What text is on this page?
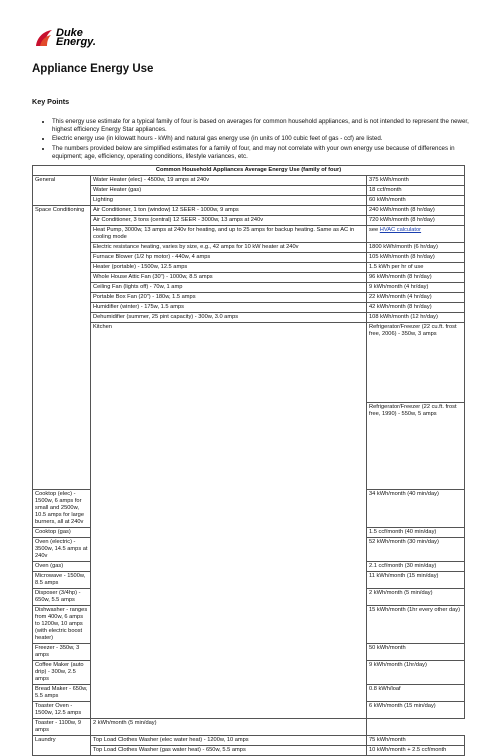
Duke
Energy.
Appliance Energy Use
Key Points
• This energy use estimate for a typical family of four is based on averages for common household appliances, and is not intended to represent the newer, highest efficiency Energy Star appliances.
• Electric energy use (in kilowatt hours - kWh) and natural gas energy use (in units of 100 cubic feet of gas - ccf) are listed.
• The numbers provided below are simplified estimates for a family of four, and may not correlate with your own energy use because of differences in equipment; age, efficiency, operating conditions, lifestyle variances, etc.
Common Household Appliances Average Energy Use (family of four)			
General	Water Heater (elec) - 4500w, 19 amps at 240v	375 kWh/month	
	Water Heater (gas)	18 ccf/month	
	Lighting	60 kWh/month	
Space Conditioning	Air Conditioner, 1 ton (window) 12 SEER - 1000w, 9 amps	240 kWh/month (8 hr/day)	
	Air Conditioner, 3 tons (central) 12 SEER - 3000w, 13 amps at 240v	720 kWh/month (8 hr/day)	
	Heat Pump, 3000w, 13 amps at 240v for heating, and up to 25 amps for backup heating. Same as AC in cooling mode	see HVAC calculator	
	Electric resistance heating, varies by size, e.g., 42 amps for 10 kW heater at 240v	1800 kWh/month (6 hr/day)	
	Furnace Blower (1/2 hp motor) - 440w, 4 amps	105 kWh/month (8 hr/day)	
	Heater (portable) - 1500w, 12.5 amps	1.5 kWh per hr of use	
	Whole House Attic Fan (30") - 1000w, 8.5 amps	96 kWh/month (8 hr/day)	
	Ceiling Fan (lights off) - 70w, 1 amp	9 kWh/month (4 hr/day)	
	Portable Box Fan (20") - 180w, 1.5 amps	22 kWh/month (4 hr/day)	
	Humidifier (winter) - 175w, 1.5 amps	42 kWh/month (8 hr/day)	
	Dehumidifier (summer, 25 pint capacity) - 300w, 3.0 amps	108 kWh/month (12 hr/day)	
	Kitchen	Refrigerator/Freezer (22 cu.ft. frost free, 2006) - 350w, 3 amps	
		Refrigerator/Freezer (22 cu.ft. frost free, 1990) - 550w, 5 amps	
Cooktop (elec) - 1500w, 6 amps for small and 2500w, 10.5 amps for large burners, all at 240v		34 kWh/month (40 min/day)	
Cooktop (gas)		1.5 ccf/month (40 min/day)	
Oven (electric) - 3500w, 14.5 amps at 240v		52 kWh/month (30 min/day)	
Oven (gas)		2.1 ccf/month (30 min/day)	
Microwave - 1500w, 8.5 amps		11 kWh/month (15 min/day)	
Disposer (3/4hp) - 650w, 5.5 amps		2 kWh/month (5 min/day)	
Dishwasher - ranges from 400w, 6 amps to 1200w, 10 amps (with electric boost heater)		15 kWh/month (1hr every other day)	
Freezer - 350w, 3 amps		50 kWh/month	
Coffee Maker (auto drip) - 300w, 2.5 amps		9 kWh/month (1hr/day)	
Bread Maker - 650w, 5.5 amps		0.8 kWh/loaf	
Toaster Oven - 1500w, 12.5 amps		6 kWh/month (15 min/day)	
Toaster - 1100w, 9 amps	2 kWh/month (5 min/day)		
Laundry	Top Load Clothes Washer (elec water heat) - 1200w, 10 amps	75 kWh/month	
	Top Load Clothes Washer (gas water heat) - 650w, 5.5 amps	10 kWh/month + 2.5 ccf/month	
